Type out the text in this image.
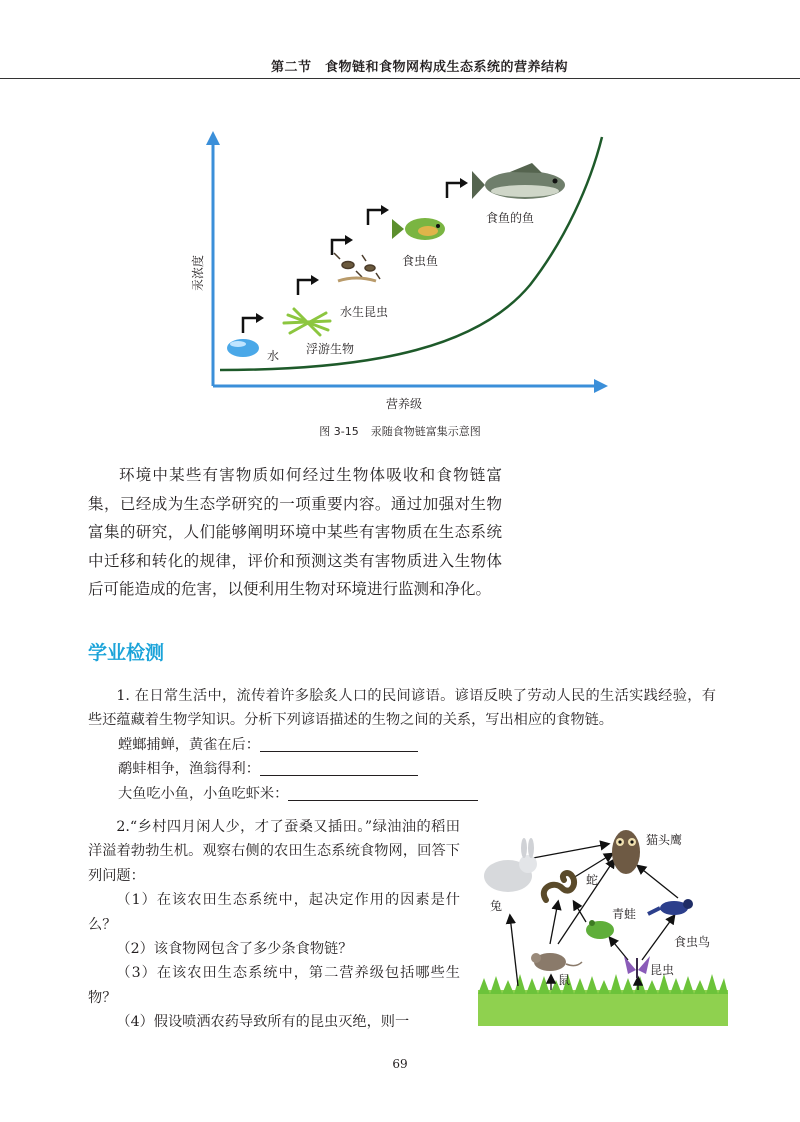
第二节　食物链和食物网构成生态系统的营养结构
汞浓度
营养级
水 浮游生物
水生昆虫
食虫鱼
食鱼的鱼
图 3-15 汞随食物链富集示意图

环境中某些有害物质如何经过生物体吸收和食物链富集，已经成为生态学研究的一项重要内容。通过加强对生物富集的研究，人们能够阐明环境中某些有害物质在生态系统中迁移和转化的规律，评价和预测这类有害物质进入生物体后可能造成的危害，以便利用生物对环境进行监测和净化。

学业检测

1. 在日常生活中，流传着许多脍炙人口的民间谚语。谚语反映了劳动人民的生活实践经验，有些还蕴藏着生物学知识。分析下列谚语描述的生物之间的关系，写出相应的食物链。

螳螂捕蝉，黄雀在后：

鹬蚌相争，渔翁得利：

大鱼吃小鱼，小鱼吃虾米：

2.“乡村四月闲人少，才了蚕桑又插田。”绿油油的稻田洋溢着勃勃生机。观察右侧的农田生态系统食物网，回答下列问题：

（1）在该农田生态系统中，起决定作用的因素是什么？

（2）该食物网包含了多少条食物链？

（3）在该农田生态系统中，第二营养级包括哪些生物？

（4）假设喷洒农药导致所有的昆虫灭绝，则一

猫头鹰
蛇
兔
青蛙
食虫鸟
鼠
昆虫
69
